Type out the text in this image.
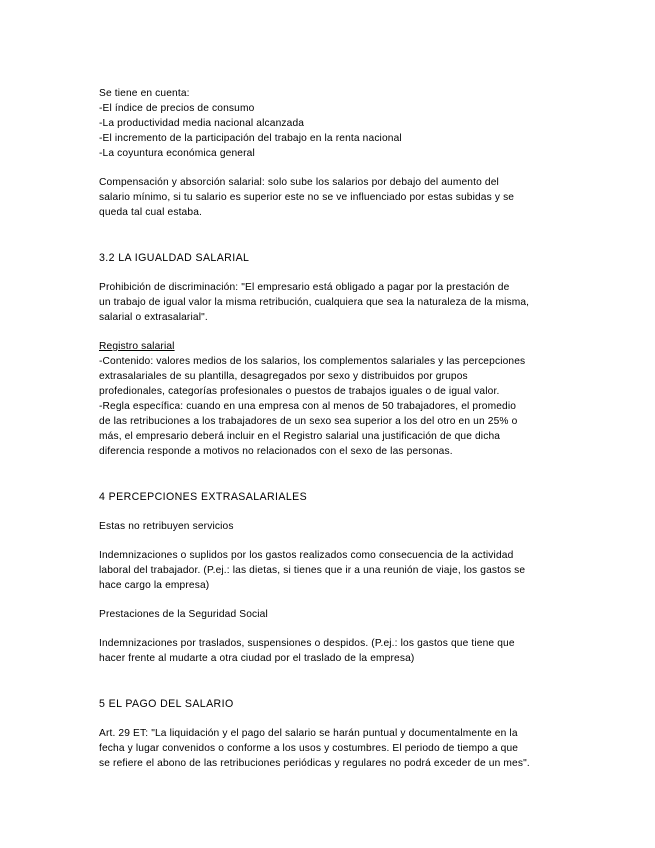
Se tiene en cuenta:
-El índice de precios de consumo
-La productividad media nacional alcanzada
-El incremento de la participación del trabajo en la renta nacional
-La coyuntura económica general
Compensación y absorción salarial: solo sube los salarios por debajo del aumento del
salario mínimo, si tu salario es superior este no se ve influenciado por estas subidas y se
queda tal cual estaba.
3.2 LA IGUALDAD SALARIAL
Prohibición de discriminación: "El empresario está obligado a pagar por la prestación de
un trabajo de igual valor la misma retribución, cualquiera que sea la naturaleza de la misma,
salarial o extrasalarial".
Registro salarial
-Contenido: valores medios de los salarios, los complementos salariales y las percepciones
extrasalariales de su plantilla, desagregados por sexo y distribuidos por grupos
profedionales, categorías profesionales o puestos de trabajos iguales o de igual valor.
-Regla específica: cuando en una empresa con al menos de 50 trabajadores, el promedio
de las retribuciones a los trabajadores de un sexo sea superior a los del otro en un 25% o
más, el empresario deberá incluir en el Registro salarial una justificación de que dicha
diferencia responde a motivos no relacionados con el sexo de las personas.
4 PERCEPCIONES EXTRASALARIALES
Estas no retribuyen servicios
Indemnizaciones o suplidos por los gastos realizados como consecuencia de la actividad
laboral del trabajador. (P.ej.: las dietas, si tienes que ir a una reunión de viaje, los gastos se
hace cargo la empresa)
Prestaciones de la Seguridad Social
Indemnizaciones por traslados, suspensiones o despidos. (P.ej.: los gastos que tiene que
hacer frente al mudarte a otra ciudad por el traslado de la empresa)
5 EL PAGO DEL SALARIO
Art. 29 ET: "La liquidación y el pago del salario se harán puntual y documentalmente en la
fecha y lugar convenidos o conforme a los usos y costumbres. El periodo de tiempo a que
se refiere el abono de las retribuciones periódicas y regulares no podrá exceder de un mes".
